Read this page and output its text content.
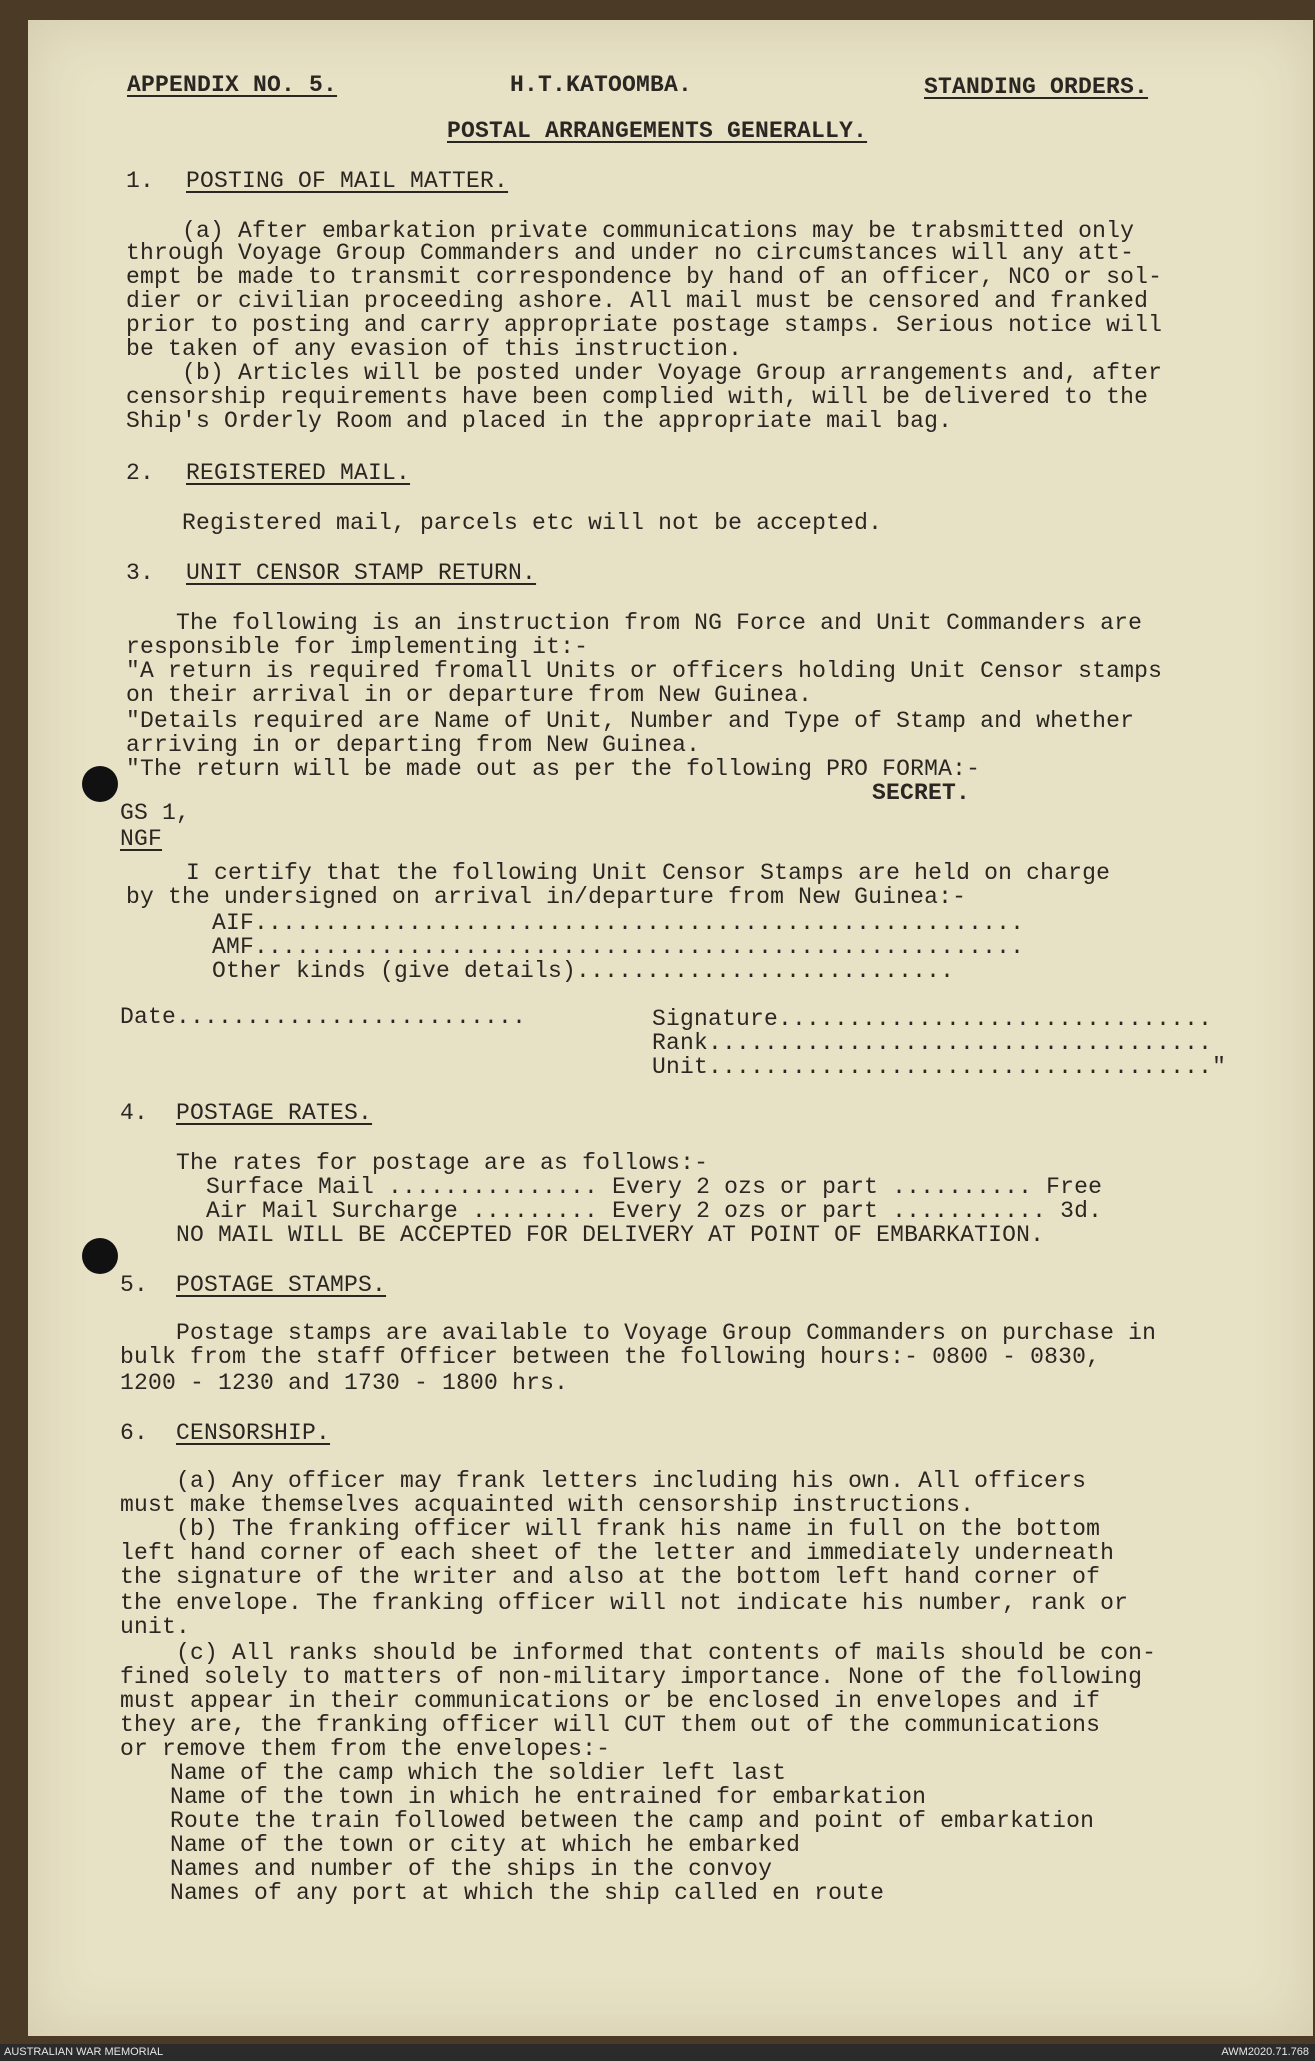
APPENDIX NO. 5.	H.T.KATOOMBA.	STANDING ORDERS.
POSTAL ARRANGEMENTS GENERALLY.
1. POSTING OF MAIL MATTER.
(a) After embarkation private communications may be trabsmitted only
through Voyage Group Commanders and under no circumstances will any att-
empt be made to transmit correspondence by hand of an officer, NCO or sol-
dier or civilian proceeding ashore. All mail must be censored and franked
prior to posting and carry appropriate postage stamps. Serious notice will
be taken of any evasion of this instruction.
(b) Articles will be posted under Voyage Group arrangements and, after
censorship requirements have been complied with, will be delivered to the
Ship's Orderly Room and placed in the appropriate mail bag.
2. REGISTERED MAIL.
Registered mail, parcels etc will not be accepted.
3. UNIT CENSOR STAMP RETURN.
The following is an instruction from NG Force and Unit Commanders are
responsible for implementing it:-
"A return is required fromall Units or officers holding Unit Censor stamps
on their arrival in or departure from New Guinea.
"Details required are Name of Unit, Number and Type of Stamp and whether
arriving in or departing from New Guinea.
"The return will be made out as per the following PRO FORMA:-
SECRET.
GS 1,
NGF
I certify that the following Unit Censor Stamps are held on charge
by the undersigned on arrival in/departure from New Guinea:-
AIF.......................................................
AMF.......................................................
Other kinds (give details)...........................
Date.........................	Signature...............................
Rank....................................
Unit...................................."
4. POSTAGE RATES.
The rates for postage are as follows:-
Surface Mail ............... Every 2 ozs or part .......... Free
Air Mail Surcharge ......... Every 2 ozs or part ........... 3d.
NO MAIL WILL BE ACCEPTED FOR DELIVERY AT POINT OF EMBARKATION.
5. POSTAGE STAMPS.
Postage stamps are available to Voyage Group Commanders on purchase in
bulk from the staff Officer between the following hours:- 0800 - 0830,
1200 - 1230 and 1730 - 1800 hrs.
6. CENSORSHIP.
(a) Any officer may frank letters including his own. All officers
must make themselves acquainted with censorship instructions.
(b) The franking officer will frank his name in full on the bottom
left hand corner of each sheet of the letter and immediately underneath
the signature of the writer and also at the bottom left hand corner of
the envelope. The franking officer will not indicate his number, rank or
unit.
(c) All ranks should be informed that contents of mails should be con-
fined solely to matters of non-military importance. None of the following
must appear in their communications or be enclosed in envelopes and if
they are, the franking officer will CUT them out of the communications
or remove them from the envelopes:-
Name of the camp which the soldier left last
Name of the town in which he entrained for embarkation
Route the train followed between the camp and point of embarkation
Name of the town or city at which he embarked
Names and number of the ships in the convoy
Names of any port at which the ship called en route
AUSTRALIAN WAR MEMORIAL	AWM2020.71.768
